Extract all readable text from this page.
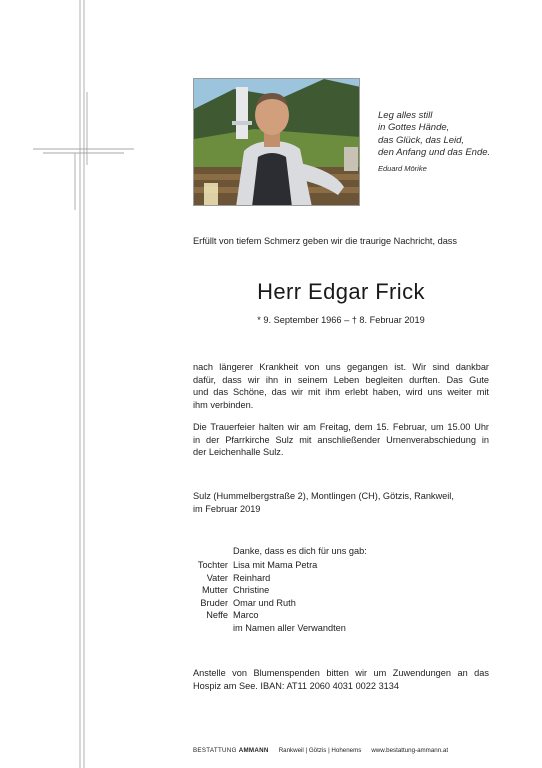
Leg alles still
in Gottes Hände,
das Glück, das Leid,
den Anfang und das Ende.
Eduard Mörike
Erfüllt von tiefem Schmerz geben wir die traurige Nachricht, dass
Herr Edgar Frick
* 9. September 1966 – † 8. Februar 2019
nach längerer Krankheit von uns gegangen ist. Wir sind dankbar
dafür, dass wir ihn in seinem Leben begleiten durften. Das Gute
und das Schöne, das wir mit ihm erlebt haben, wird uns weiter mit
ihm verbinden.
Die Trauerfeier halten wir am Freitag, dem 15. Februar, um 15.00 Uhr
in der Pfarrkirche Sulz mit anschließender Urnenverabschiedung in
der Leichenhalle Sulz.
Sulz (Hummelbergstraße 2), Montlingen (CH), Götzis, Rankweil,
im Februar 2019
Danke, dass es dich für uns gab:
Tochter Lisa mit Mama Petra
Vater Reinhard
Mutter Christine
Bruder Omar und Ruth
Neffe Marco
im Namen aller Verwandten
Anstelle von Blumenspenden bitten wir um Zuwendungen an das
Hospiz am See. IBAN: AT11 2060 4031 0022 3134
BESTATTUNG AMMANN Rankweil | Götzis | Hohenems www.bestattung-ammann.at
